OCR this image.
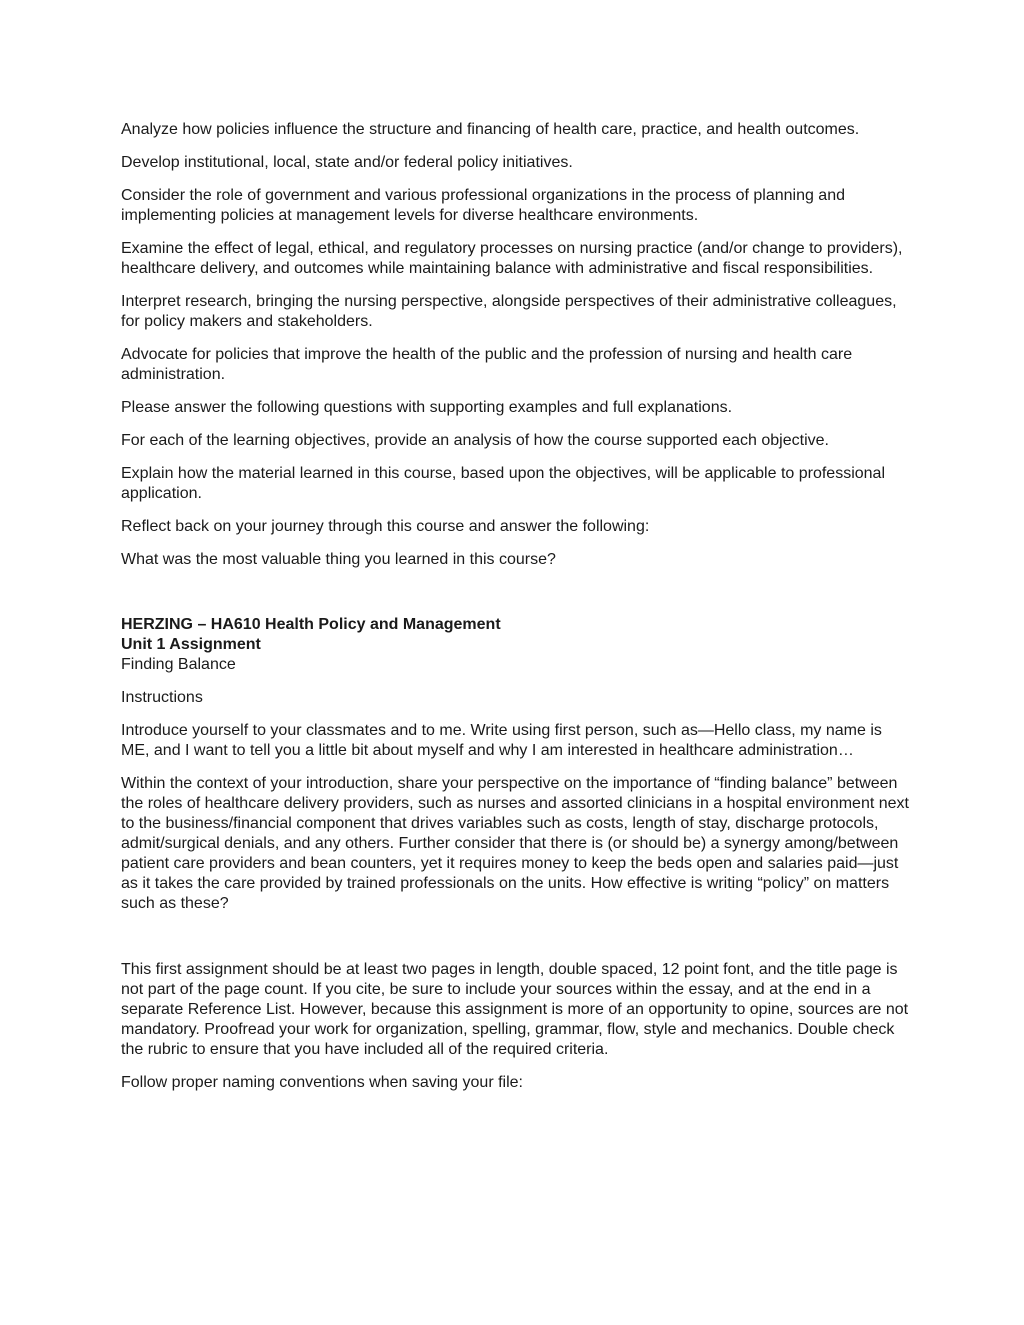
Analyze how policies influence the structure and financing of health care, practice, and health outcomes.

Develop institutional, local, state and/or federal policy initiatives.

Consider the role of government and various professional organizations in the process of planning and implementing policies at management levels for diverse healthcare environments.

Examine the effect of legal, ethical, and regulatory processes on nursing practice (and/or change to providers), healthcare delivery, and outcomes while maintaining balance with administrative and fiscal responsibilities.

Interpret research, bringing the nursing perspective, alongside perspectives of their administrative colleagues, for policy makers and stakeholders.

Advocate for policies that improve the health of the public and the profession of nursing and health care administration.

Please answer the following questions with supporting examples and full explanations.

For each of the learning objectives, provide an analysis of how the course supported each objective.

Explain how the material learned in this course, based upon the objectives, will be applicable to professional application.

Reflect back on your journey through this course and answer the following:

What was the most valuable thing you learned in this course?

HERZING – HA610 Health Policy and Management
Unit 1 Assignment
Finding Balance

Instructions

Introduce yourself to your classmates and to me. Write using first person, such as—Hello class, my name is ME, and I want to tell you a little bit about myself and why I am interested in healthcare administration…

Within the context of your introduction, share your perspective on the importance of “finding balance” between the roles of healthcare delivery providers, such as nurses and assorted clinicians in a hospital environment next to the business/financial component that drives variables such as costs, length of stay, discharge protocols, admit/surgical denials, and any others. Further consider that there is (or should be) a synergy among/between patient care providers and bean counters, yet it requires money to keep the beds open and salaries paid—just as it takes the care provided by trained professionals on the units. How effective is writing “policy” on matters such as these?

This first assignment should be at least two pages in length, double spaced, 12 point font, and the title page is not part of the page count. If you cite, be sure to include your sources within the essay, and at the end in a separate Reference List. However, because this assignment is more of an opportunity to opine, sources are not mandatory. Proofread your work for organization, spelling, grammar, flow, style and mechanics. Double check the rubric to ensure that you have included all of the required criteria.

Follow proper naming conventions when saving your file:
